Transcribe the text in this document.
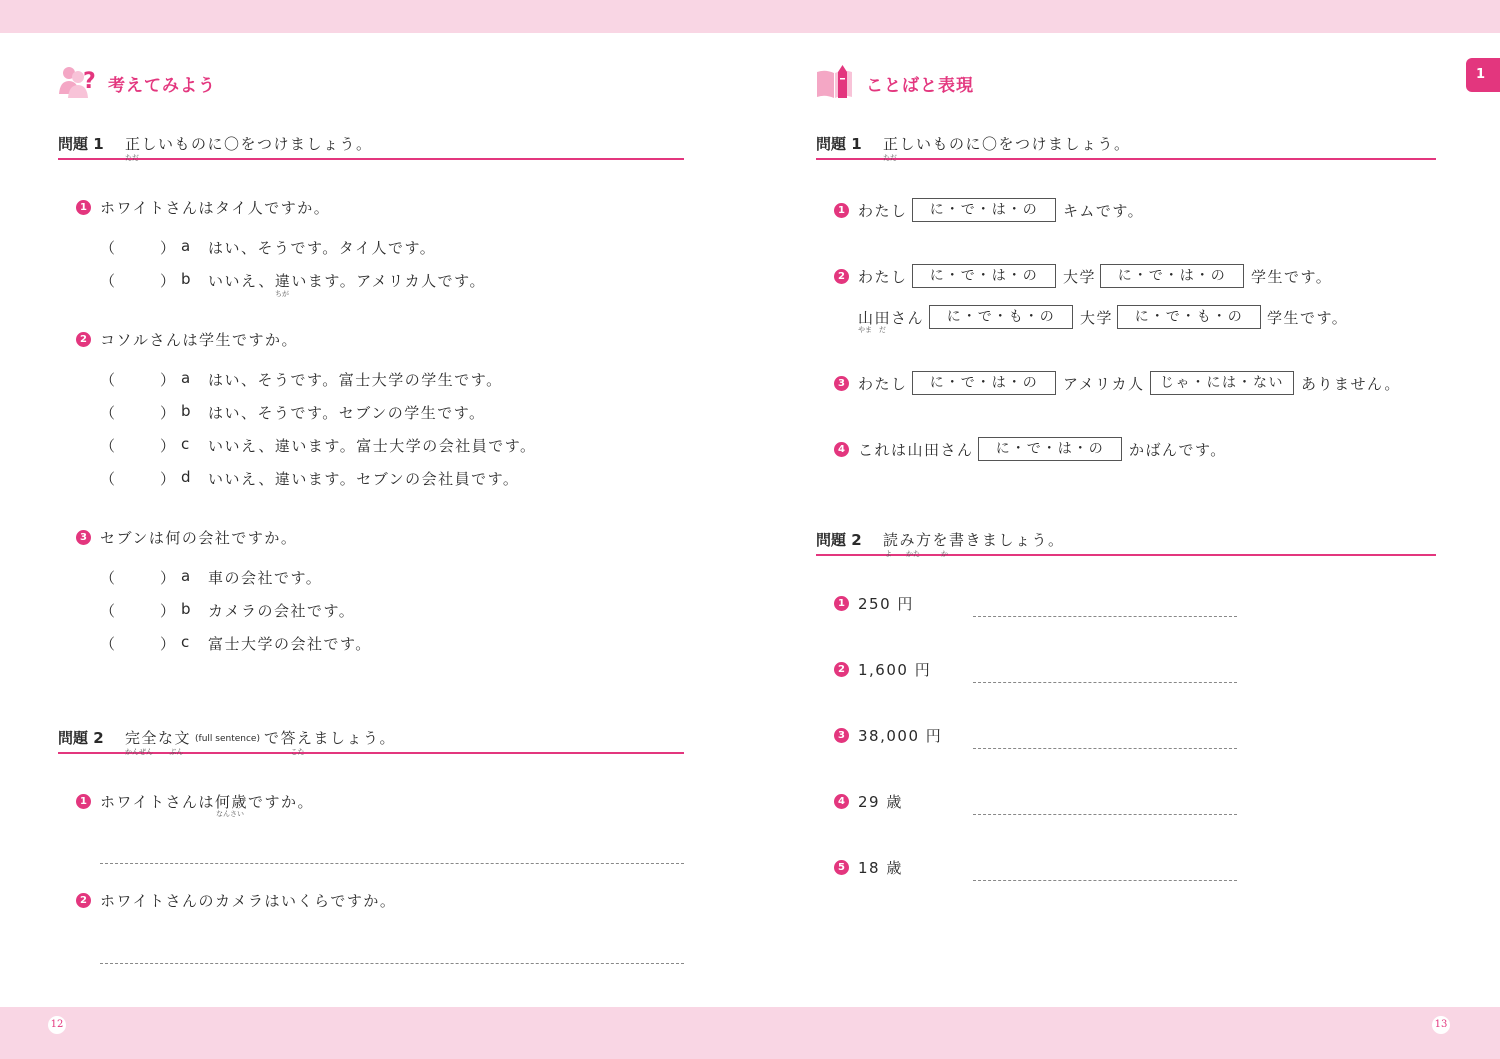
12	13
1
? 考えてみよう
問題 1 正しいものに〇をつけましょう。
ただ
1 ホワイトさんはタイ人ですか。
（　　　） a はい、そうです。タイ人です。
（　　　） b いいえ、違います。アメリカ人です。
ちが
2 コソルさんは学生ですか。
（　　　） a はい、そうです。富士大学の学生です。
（　　　） b はい、そうです。セブンの学生です。
（　　　） c いいえ、違います。富士大学の会社員です。
（　　　） d いいえ、違います。セブンの会社員です。
3 セブンは何の会社ですか。
（　　　） a 車の会社です。
（　　　） b カメラの会社です。
（　　　） c 富士大学の会社です。
問題 2 完全な文 (full sentence) で答えましょう。
かんぜん　　 ぶん　　　　　　　　　　　　　　　 こた
1 ホワイトさんは何歳ですか。
なんさい
2 ホワイトさんのカメラはいくらですか。
ことばと表現
問題 1 正しいものに〇をつけましょう。
ただ
1 わたし	に・で・は・の	キムです。
2 わたし	に・で・は・の	大学	に・で・は・の	学生です。
山田さん
やま　だ
に・で・も・の	大学	に・で・も・の	学生です。
3 わたし	に・で・は・の	アメリカ人	じゃ・には・ない	ありません。
4 これは山田さん	に・で・は・の	かばんです。
問題 2 読み方を書きましょう。
よ　　かた　　　か
1 250 円
2 1,600 円
3 38,000 円
4 29 歳
5 18 歳
